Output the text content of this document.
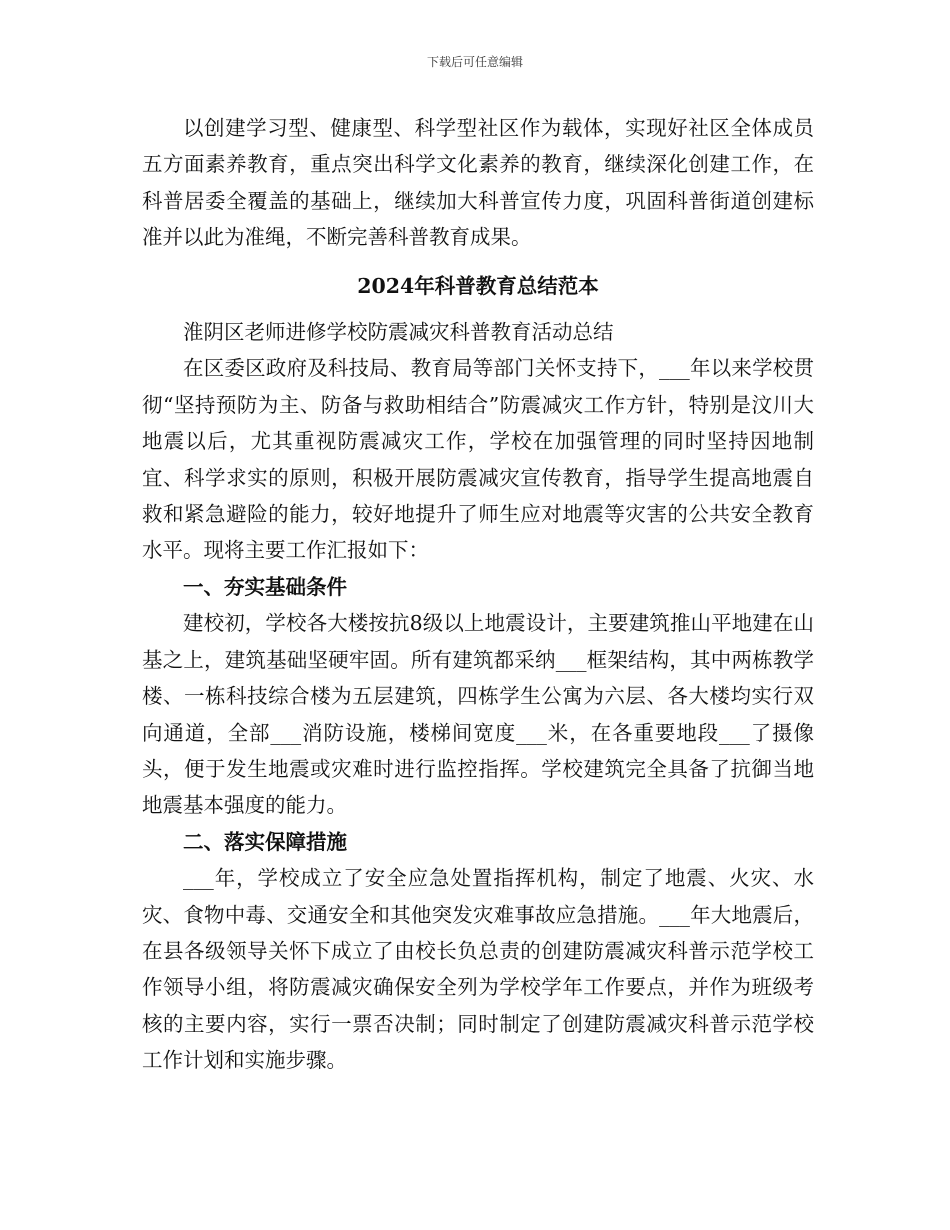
下载后可任意编辑

以创建学习型、健康型、科学型社区作为载体，实现好社区全体成员五方面素养教育，重点突出科学文化素养的教育，继续深化创建工作，在科普居委全覆盖的基础上，继续加大科普宣传力度，巩固科普街道创建标准并以此为准绳，不断完善科普教育成果。

2024年科普教育总结范本

淮阴区老师进修学校防震减灾科普教育活动总结

在区委区政府及科技局、教育局等部门关怀支持下，___年以来学校贯彻“坚持预防为主、防备与救助相结合”防震减灾工作方针，特别是汶川大地震以后，尤其重视防震减灾工作，学校在加强管理的同时坚持因地制宜、科学求实的原则，积极开展防震减灾宣传教育，指导学生提高地震自救和紧急避险的能力，较好地提升了师生应对地震等灾害的公共安全教育水平。现将主要工作汇报如下：

一、夯实基础条件

建校初，学校各大楼按抗8级以上地震设计，主要建筑推山平地建在山基之上，建筑基础坚硬牢固。所有建筑都采纳___框架结构，其中两栋教学楼、一栋科技综合楼为五层建筑，四栋学生公寓为六层、各大楼均实行双向通道，全部___消防设施，楼梯间宽度___米，在各重要地段___了摄像头，便于发生地震或灾难时进行监控指挥。学校建筑完全具备了抗御当地地震基本强度的能力。

二、落实保障措施

___年，学校成立了安全应急处置指挥机构，制定了地震、火灾、水灾、食物中毒、交通安全和其他突发灾难事故应急措施。___年大地震后，在县各级领导关怀下成立了由校长负总责的创建防震减灾科普示范学校工作领导小组，将防震减灾确保安全列为学校学年工作要点，并作为班级考核的主要内容，实行一票否决制；同时制定了创建防震减灾科普示范学校工作计划和实施步骤。
